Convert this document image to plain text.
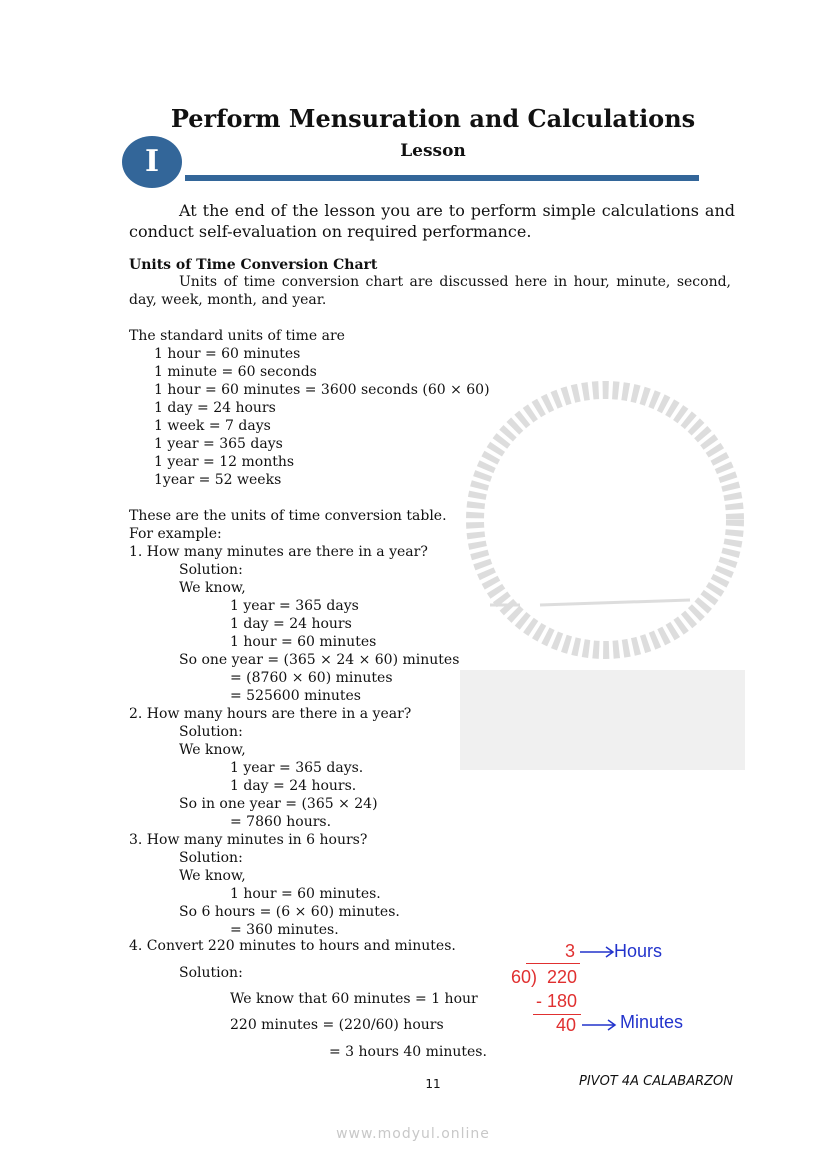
Perform Mensuration and Calculations
I	Lesson
At the end of the lesson you are to perform simple calculations and conduct self-evaluation on required performance.
Units of Time Conversion Chart
Units of time conversion chart are discussed here in hour, minute, second, day, week, month, and year.
The standard units of time are
1 hour = 60 minutes
1 minute = 60 seconds
1 hour = 60 minutes = 3600 seconds (60 × 60)
1 day = 24 hours
1 week = 7 days
1 year = 365 days
1 year = 12 months
1year = 52 weeks
These are the units of time conversion table.
For example:
1. How many minutes are there in a year?
Solution:
We know,
1 year = 365 days
1 day = 24 hours
1 hour = 60 minutes
So one year = (365 × 24 × 60) minutes
= (8760 × 60) minutes
= 525600 minutes
2. How many hours are there in a year?
Solution:
We know,
1 year = 365 days.
1 day = 24 hours.
So in one year = (365 × 24)
= 7860 hours.
3. How many minutes in 6 hours?
Solution:
We know,
1 hour = 60 minutes.
So 6 hours = (6 × 60) minutes.
= 360 minutes.
4. Convert 220 minutes to hours and minutes.
Solution:
We know that 60 minutes = 1 hour
220 minutes = (220/60) hours
= 3 hours 40 minutes.
3 Hours
60) 220
- 180
40 Minutes
11	PIVOT 4A CALABARZON
www.modyul.online
